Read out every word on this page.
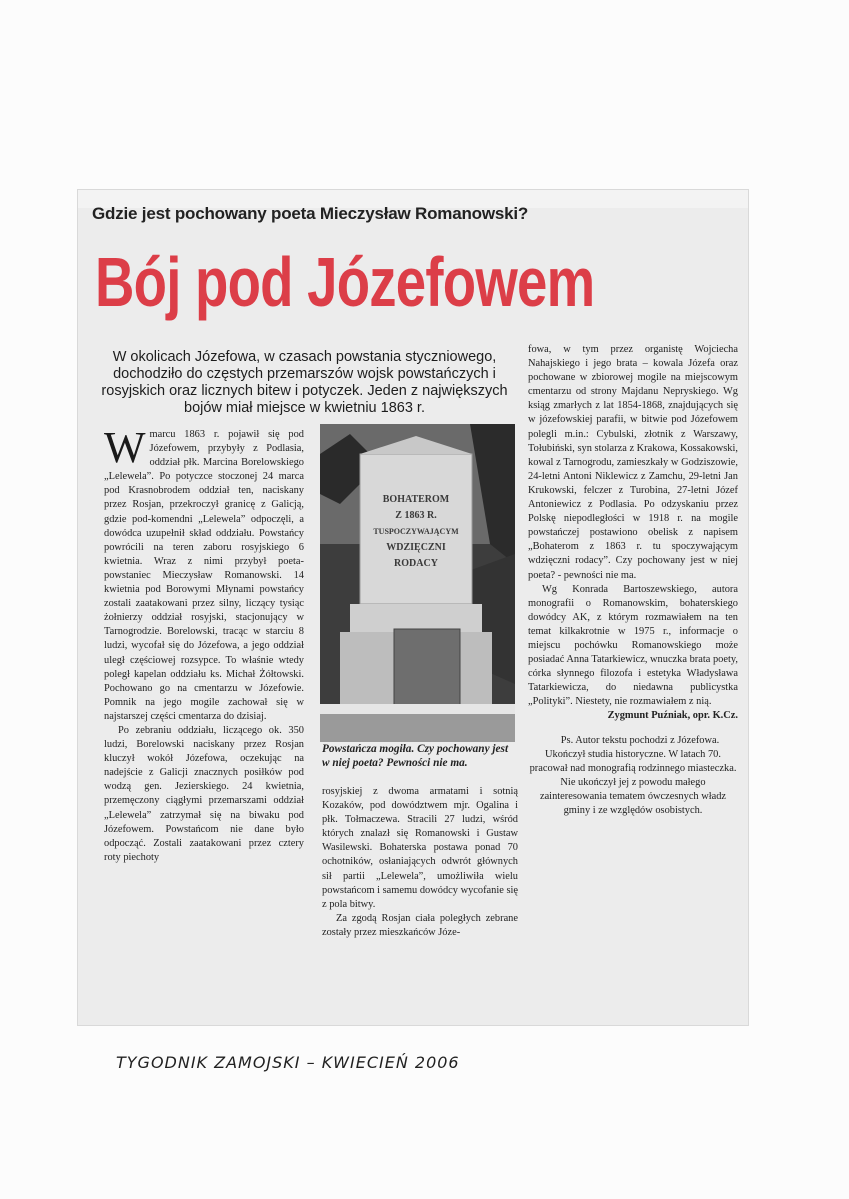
Gdzie jest pochowany poeta Mieczysław Romanowski?
Bój pod Józefowem
W okolicach Józefowa, w czasach powstania styczniowego, dochodziło do częstych przemarszów wojsk powstańczych i rosyjskich oraz licznych bitew i potyczek. Jeden z największych bojów miał miejsce w kwietniu 1863 r.
W marcu 1863 r. pojawił się pod Józefowem, przybyły z Podlasia, oddział płk. Marcina Borelowskiego „Lelewela”. Po potyczce stoczonej 24 marca pod Krasnobrodem oddział ten, naciskany przez Rosjan, przekroczył granicę z Galicją, gdzie pod-komendni „Lelewela” odpoczęli, a dowódca uzupełnił skład oddziału. Powstańcy powrócili na teren zaboru rosyjskiego 6 kwietnia. Wraz z nimi przybył poeta-powstaniec Mieczysław Romanowski. 14 kwietnia pod Borowymi Młynami powstańcy zostali zaatakowani przez silny, liczący tysiąc żołnierzy oddział rosyjski, stacjonujący w Tarnogrodzie. Borelowski, tracąc w starciu 8 ludzi, wycofał się do Józefowa, a jego oddział uległ częściowej rozsypce. To właśnie wtedy poległ kapelan oddziału ks. Michał Żółtowski. Pochowano go na cmentarzu w Józefowie. Pomnik na jego mogile zachował się w najstarszej części cmentarza do dzisiaj.

Po zebraniu oddziału, liczącego ok. 350 ludzi, Borelowski naciskany przez Rosjan kluczył wokół Józefowa, oczekując na nadejście z Galicji znacznych posiłków pod wodzą gen. Jezierskiego. 24 kwietnia, przemęczony ciągłymi przemarszami oddział „Lelewela” zatrzymał się na biwaku pod Józefowem. Powstańcom nie dane było odpocząć. Zostali zaatakowani przez cztery roty piechoty

BOHATEROM
Z 1863 R.
TUSPOCZYWAJĄCYM
WDZIĘCZNI
RODACY
Powstańcza mogiła. Czy pochowany jest w niej poeta? Pewności nie ma.

rosyjskiej z dwoma armatami i sotnią Kozaków, pod dowództwem mjr. Ogalina i płk. Tołmaczewa. Stracili 27 ludzi, wśród których znalazł się Romanowski i Gustaw Wasilewski. Bohaterska postawa ponad 70 ochotników, osłaniających odwrót głównych sił partii „Lelewela”, umożliwiła wielu powstańcom i samemu dowódcy wycofanie się z pola bitwy.

Za zgodą Rosjan ciała poległych zebrane zostały przez mieszkańców Józe-

fowa, w tym przez organistę Wojciecha Nahajskiego i jego brata – kowala Józefa oraz pochowane w zbiorowej mogile na miejscowym cmentarzu od strony Majdanu Nepryskiego. Wg ksiąg zmarłych z lat 1854-1868, znajdujących się w józefowskiej parafii, w bitwie pod Józefowem polegli m.in.: Cybulski, złotnik z Warszawy, Tołubiński, syn stolarza z Krakowa, Kossakowski, kowal z Tarnogrodu, zamieszkały w Godziszowie, 24-letni Antoni Niklewicz z Zamchu, 29-letni Jan Krukowski, felczer z Turobina, 27-letni Józef Antoniewicz z Podlasia. Po odzyskaniu przez Polskę niepodległości w 1918 r. na mogile powstańczej postawiono obelisk z napisem „Bohaterom z 1863 r. tu spoczywającym wdzięczni rodacy”. Czy pochowany jest w niej poeta? - pewności nie ma.

Wg Konrada Bartoszewskiego, autora monografii o Romanowskim, bohaterskiego dowódcy AK, z którym rozmawiałem na ten temat kilkakrotnie w 1975 r., informacje o miejscu pochówku Romanowskiego może posiadać Anna Tatarkiewicz, wnuczka brata poety, córka słynnego filozofa i estetyka Władysława Tatarkiewicza, do niedawna publicystka „Polityki”. Niestety, nie rozmawiałem z nią.

Zygmunt Puźniak, opr. K.Cz.

Ps. Autor tekstu pochodzi z Józefowa. Ukończył studia historyczne. W latach 70. pracował nad monografią rodzinnego miasteczka. Nie ukończył jej z powodu małego zainteresowania tematem ówczesnych władz gminy i ze względów osobistych.

TYGODNIK ZAMOJSKI – KWIECIEŃ 2006
